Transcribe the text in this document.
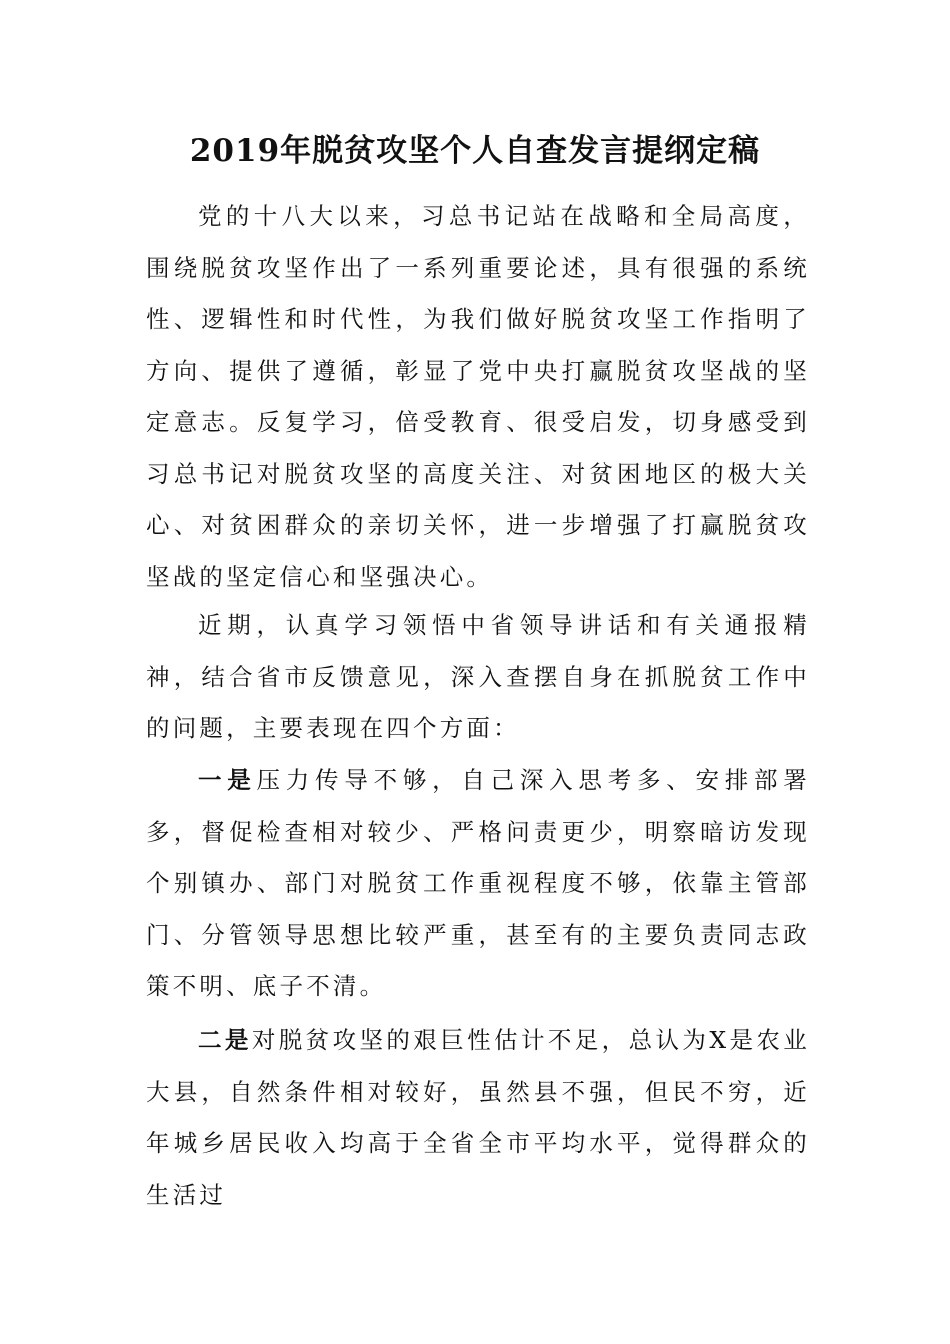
2019年脱贫攻坚个人自查发言提纲定稿

党的十八大以来，习总书记站在战略和全局高度，围绕脱贫攻坚作出了一系列重要论述，具有很强的系统性、逻辑性和时代性，为我们做好脱贫攻坚工作指明了方向、提供了遵循，彰显了党中央打赢脱贫攻坚战的坚定意志。反复学习，倍受教育、很受启发，切身感受到习总书记对脱贫攻坚的高度关注、对贫困地区的极大关心、对贫困群众的亲切关怀，进一步增强了打赢脱贫攻坚战的坚定信心和坚强决心。

近期，认真学习领悟中省领导讲话和有关通报精神，结合省市反馈意见，深入查摆自身在抓脱贫工作中的问题，主要表现在四个方面：

一是压力传导不够，自己深入思考多、安排部署多，督促检查相对较少、严格问责更少，明察暗访发现个别镇办、部门对脱贫工作重视程度不够，依靠主管部门、分管领导思想比较严重，甚至有的主要负责同志政策不明、底子不清。

二是对脱贫攻坚的艰巨性估计不足，总认为X是农业大县，自然条件相对较好，虽然县不强，但民不穷，近年城乡居民收入均高于全省全市平均水平，觉得群众的生活过
